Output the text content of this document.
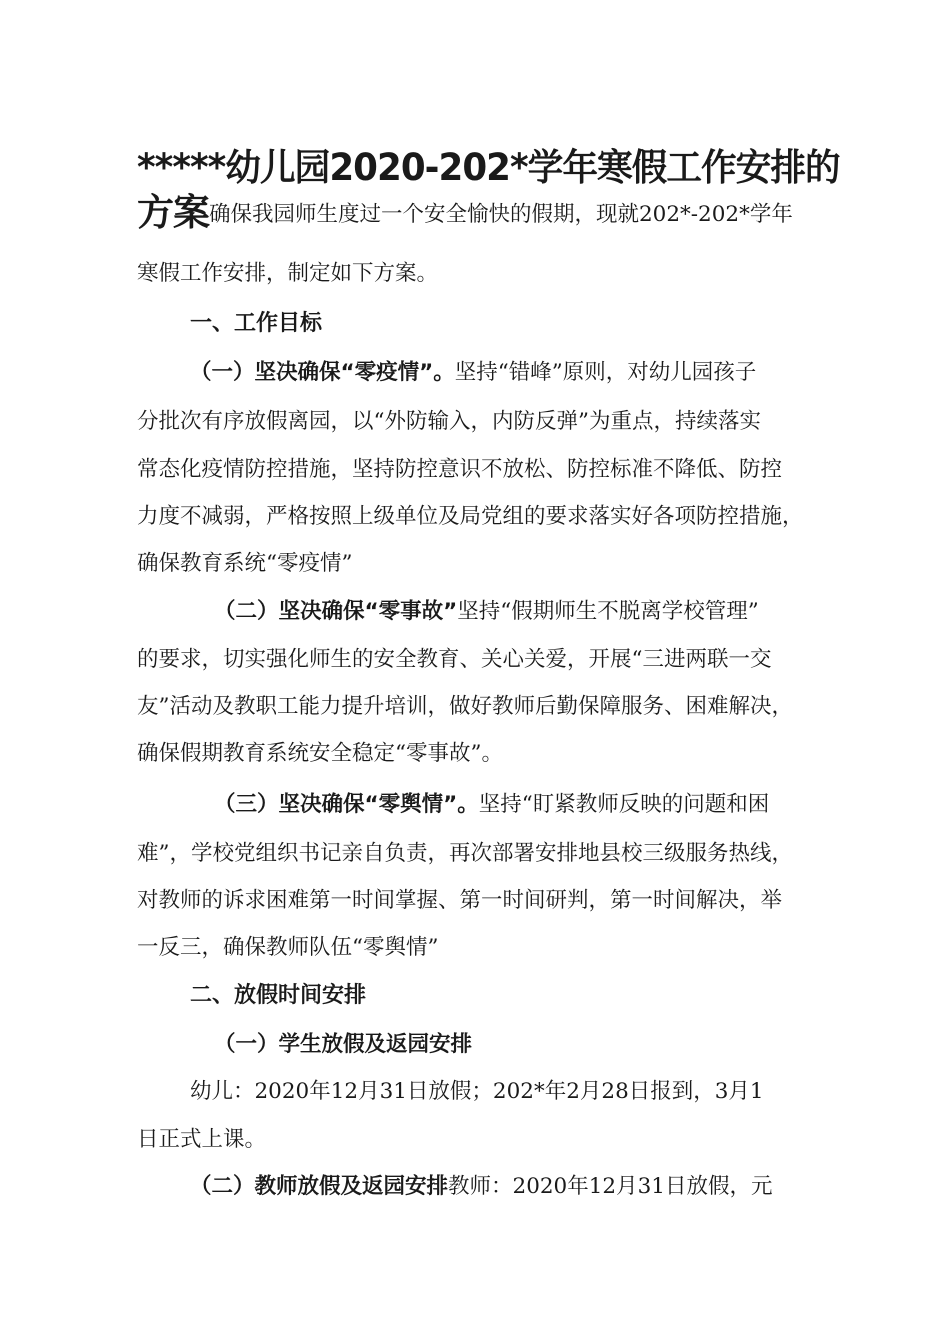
*****幼儿园2020-202*学年寒假工作安排的
方案确保我园师生度过一个安全愉快的假期，现就202*-202*学年
寒假工作安排，制定如下方案。
一、工作目标
（一）坚决确保“零疫情”。坚持“错峰”原则，对幼儿园孩子
分批次有序放假离园，以“外防输入，内防反弹”为重点，持续落实
常态化疫情防控措施，坚持防控意识不放松、防控标准不降低、防控
力度不减弱，严格按照上级单位及局党组的要求落实好各项防控措施，
确保教育系统“零疫情”
（二）坚决确保“零事故”坚持“假期师生不脱离学校管理”
的要求，切实强化师生的安全教育、关心关爱，开展“三进两联一交
友”活动及教职工能力提升培训，做好教师后勤保障服务、困难解决，
确保假期教育系统安全稳定“零事故”。
（三）坚决确保“零舆情”。坚持“盯紧教师反映的问题和困
难”，学校党组织书记亲自负责，再次部署安排地县校三级服务热线，
对教师的诉求困难第一时间掌握、第一时间研判，第一时间解决，举
一反三，确保教师队伍“零舆情”
二、放假时间安排
（一）学生放假及返园安排
幼儿：2020年12月31日放假；202*年2月28日报到，3月1
日正式上课。
（二）教师放假及返园安排教师：2020年12月31日放假，元
